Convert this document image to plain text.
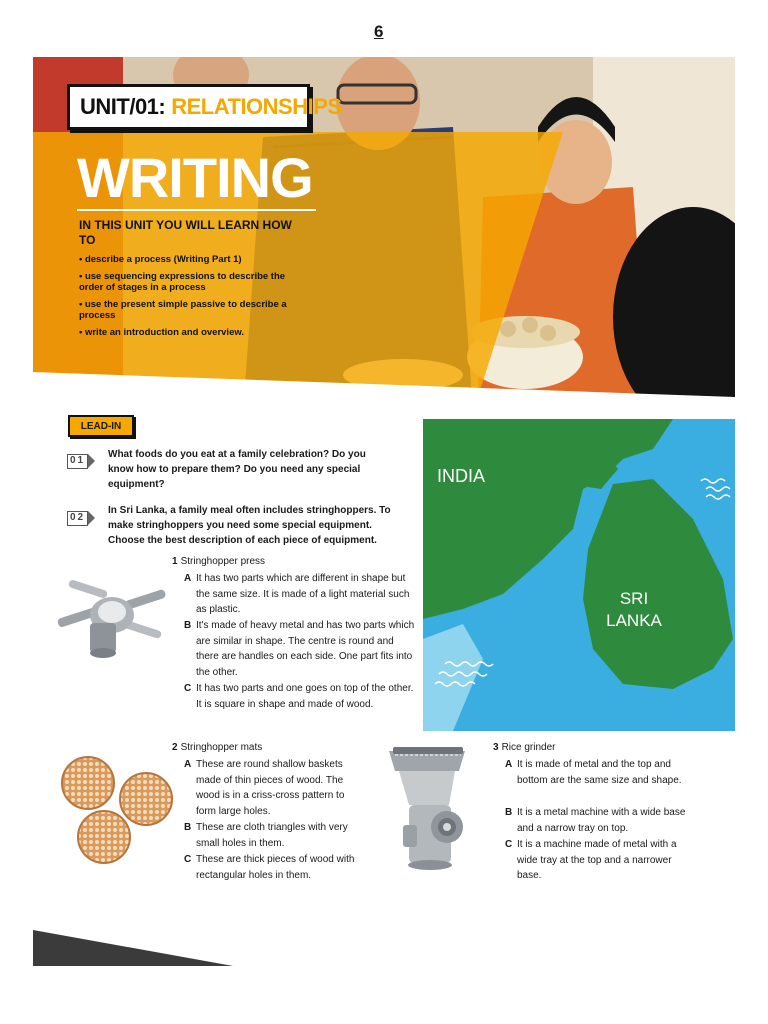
6
UNIT/01: RELATIONSHIPS
WRITING
IN THIS UNIT YOU WILL LEARN HOW TO
• describe a process (Writing Part 1)
• use sequencing expressions to describe the order of stages in a process
• use the present simple passive to describe a process
• write an introduction and overview.
LEAD-IN
01	What foods do you eat at a family celebration? Do you know how to prepare them? Do you need any special equipment?
02
In Sri Lanka, a family meal often includes stringhoppers. To make stringhoppers you need some special equipment. Choose the best description of each piece of equipment.
1 Stringhopper press
A It has two parts which are different in shape but the same size. It is made of a light material such as plastic.
B It's made of heavy metal and has two parts which are similar in shape. The centre is round and there are handles on each side. One part fits into the other.
C It has two parts and one goes on top of the other. It is square in shape and made of wood.
INDIA
SRI
LANKA
2 Stringhopper mats
A These are round shallow baskets made of thin pieces of wood. The wood is in a criss-cross pattern to form large holes.
B These are cloth triangles with very small holes in them.
C These are thick pieces of wood with rectangular holes in them.
3 Rice grinder
A It is made of metal and the top and bottom are the same size and shape.
B It is a metal machine with a wide base and a narrow tray on top.
C It is a machine made of metal with a wide tray at the top and a narrower base.
